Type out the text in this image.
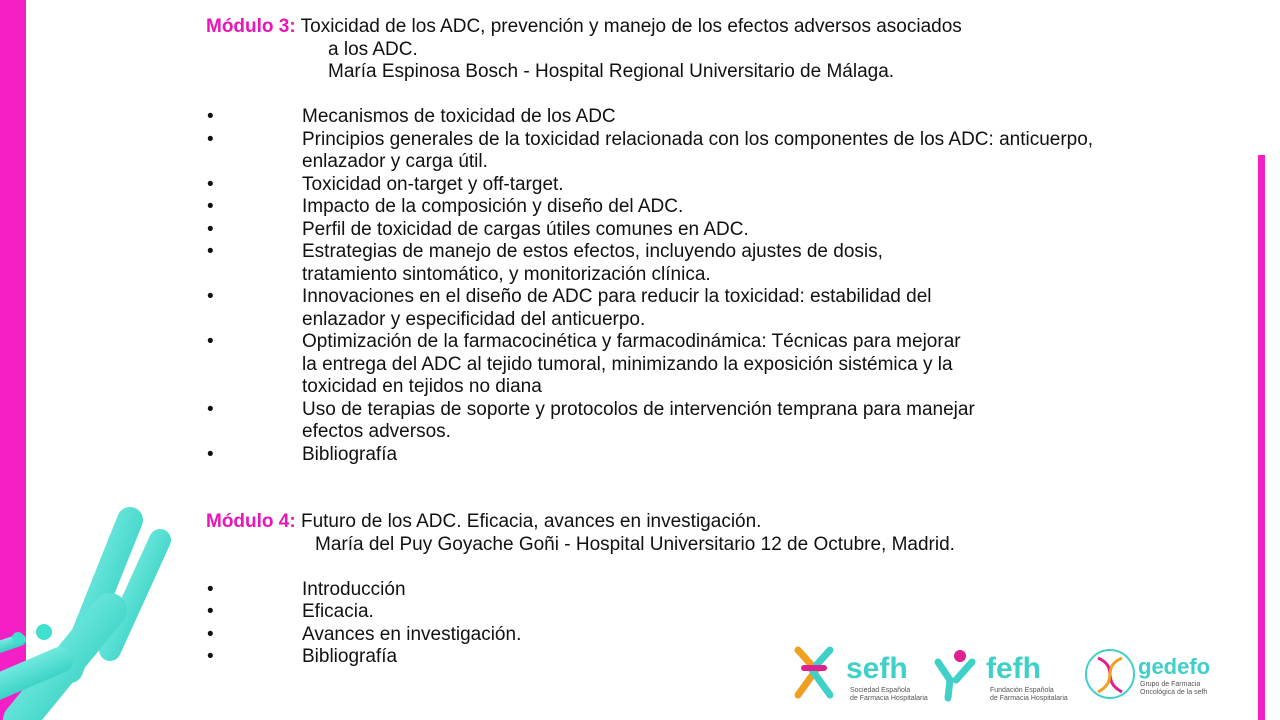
Módulo 3: Toxicidad de los ADC, prevención y manejo de los efectos adversos asociados
a los ADC.
María Espinosa Bosch - Hospital Regional Universitario de Málaga.
•	Mecanismos de toxicidad de los ADC
•	Principios generales de la toxicidad relacionada con los componentes de los ADC: anticuerpo,
enlazador y carga útil.
•	Toxicidad on-target y off-target.
•	Impacto de la composición y diseño del ADC.
•	Perfil de toxicidad de cargas útiles comunes en ADC.
•	Estrategias de manejo de estos efectos, incluyendo ajustes de dosis,
tratamiento sintomático, y monitorización clínica.
•	Innovaciones en el diseño de ADC para reducir la toxicidad: estabilidad del
enlazador y especificidad del anticuerpo.
•	Optimización de la farmacocinética y farmacodinámica: Técnicas para mejorar
la entrega del ADC al tejido tumoral, minimizando la exposición sistémica y la
toxicidad en tejidos no diana
•	Uso de terapias de soporte y protocolos de intervención temprana para manejar
efectos adversos.
•	Bibliografía
Módulo 4: Futuro de los ADC. Eficacia, avances en investigación.
María del Puy Goyache Goñi - Hospital Universitario 12 de Octubre, Madrid.
•	Introducción
•	Eficacia.
•	Avances en investigación.
•	Bibliografía	sefh
Sociedad Española
de Farmacia Hospitalaria
fefh
Fundación Española
de Farmacia Hospitalaria
gedefo
Grupo de Farmacia
Oncológica de la sefh
